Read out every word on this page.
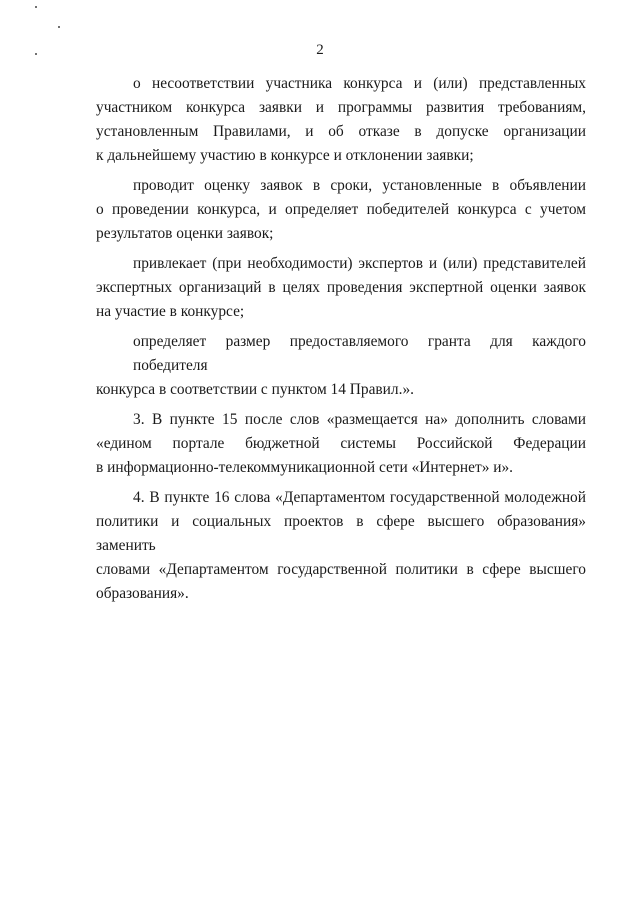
2
о несоответствии участника конкурса и (или) представленных
участником конкурса заявки и программы развития требованиям,
установленным Правилами, и об отказе в допуске организации
к дальнейшему участию в конкурсе и отклонении заявки;
проводит оценку заявок в сроки, установленные в объявлении
о проведении конкурса, и определяет победителей конкурса с учетом
результатов оценки заявок;
привлекает (при необходимости) экспертов и (или) представителей
экспертных организаций в целях проведения экспертной оценки заявок
на участие в конкурсе;
определяет размер предоставляемого гранта для каждого победителя
конкурса в соответствии с пунктом 14 Правил.».
3. В пункте 15 после слов «размещается на» дополнить словами
«едином портале бюджетной системы Российской Федерации
в информационно-телекоммуникационной сети «Интернет» и».
4. В пункте 16 слова «Департаментом государственной молодежной
политики и социальных проектов в сфере высшего образования» заменить
словами «Департаментом государственной политики в сфере высшего
образования».
